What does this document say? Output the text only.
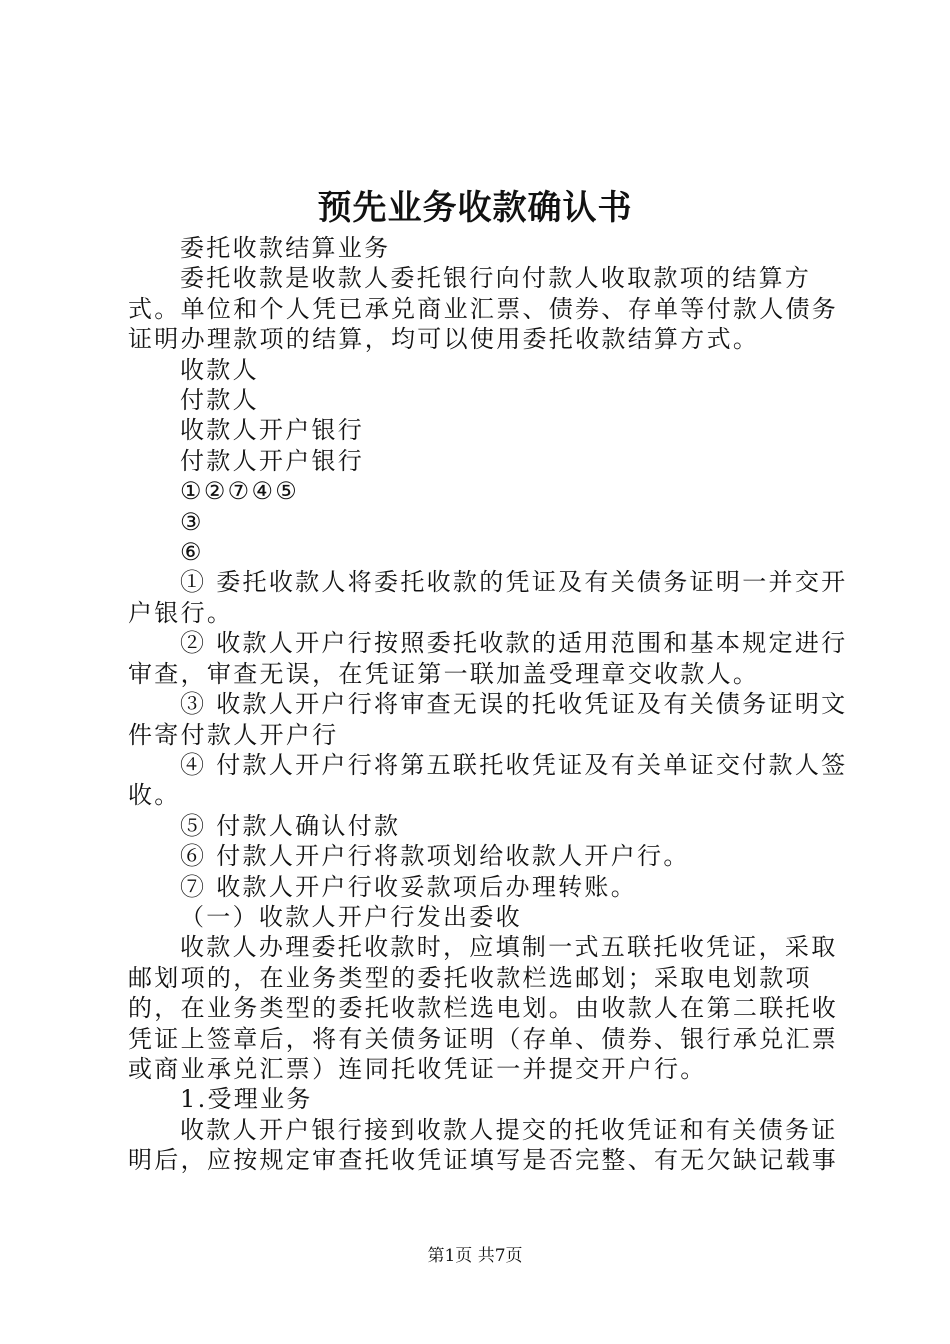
预先业务收款确认书

委托收款结算业务

委托收款是收款人委托银行向付款人收取款项的结算方式。单位和个人凭已承兑商业汇票、债券、存单等付款人债务证明办理款项的结算，均可以使用委托收款结算方式。

收款人

付款人

收款人开户银行

付款人开户银行

①②⑦④⑤

③

⑥

① 委托收款人将委托收款的凭证及有关债务证明一并交开户银行。

② 收款人开户行按照委托收款的适用范围和基本规定进行审查，审查无误，在凭证第一联加盖受理章交收款人。

③ 收款人开户行将审查无误的托收凭证及有关债务证明文件寄付款人开户行

④ 付款人开户行将第五联托收凭证及有关单证交付款人签收。

⑤ 付款人确认付款

⑥ 付款人开户行将款项划给收款人开户行。

⑦ 收款人开户行收妥款项后办理转账。

（一）收款人开户行发出委收

收款人办理委托收款时，应填制一式五联托收凭证，采取邮划项的，在业务类型的委托收款栏选邮划；采取电划款项的，在业务类型的委托收款栏选电划。由收款人在第二联托收凭证上签章后，将有关债务证明（存单、债券、银行承兑汇票或商业承兑汇票）连同托收凭证一并提交开户行。

1.受理业务

收款人开户银行接到收款人提交的托收凭证和有关债务证明后，应按规定审查托收凭证填写是否完整、有无欠缺记载事

第1页 共7页
